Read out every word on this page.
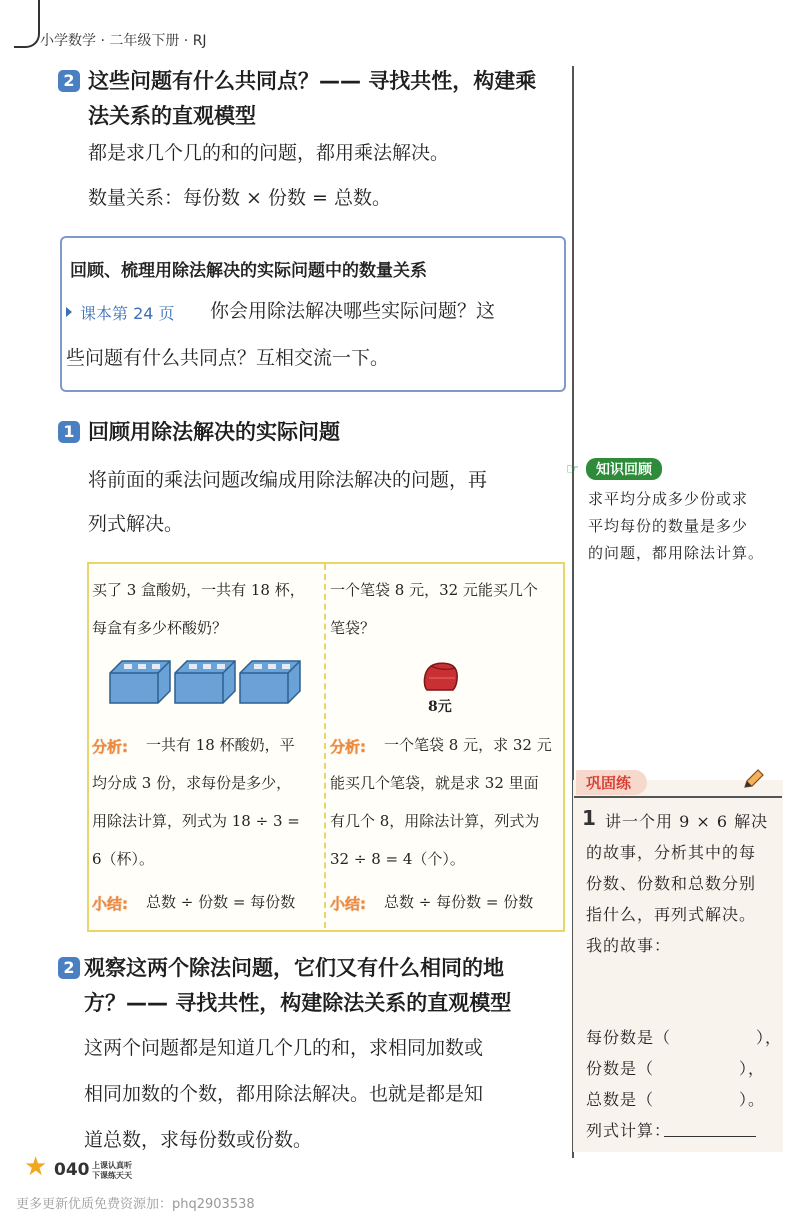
小学数学 · 二年级下册 · RJ
2 这些问题有什么共同点？—— 寻找共性，构建乘
法关系的直观模型
都是求几个几的和的问题，都用乘法解决。
数量关系：每份数 × 份数 = 总数。
回顾、梳理用除法解决的实际问题中的数量关系
课本第 24 页 你会用除法解决哪些实际问题？这
些问题有什么共同点？互相交流一下。
1 回顾用除法解决的实际问题
将前面的乘法问题改编成用除法解决的问题，再
列式解决。
买了 3 盒酸奶，一共有 18 杯，
每盒有多少杯酸奶？
分析: 一共有 18 杯酸奶，平
均分成 3 份，求每份是多少，
用除法计算，列式为 18 ÷ 3 =
6（杯）。
小结: 总数 ÷ 份数 = 每份数
一个笔袋 8 元，32 元能买几个
笔袋？
8元
分析: 一个笔袋 8 元，求 32 元
能买几个笔袋，就是求 32 里面
有几个 8，用除法计算，列式为
32 ÷ 8 = 4（个）。
小结: 总数 ÷ 每份数 = 份数
2 观察这两个除法问题，它们又有什么相同的地
方？—— 寻找共性，构建除法关系的直观模型
这两个问题都是知道几个几的和，求相同加数或
相同加数的个数，都用除法解决。也就是都是知
道总数，求每份数或份数。
☞	知识回顾
求平均分成多少份或求
平均每份的数量是多少
的问题，都用除法计算。
巩固练
1 讲一个用 9 × 6 解决
的故事，分析其中的每
份数、份数和总数分别
指什么，再列式解决。
我的故事：
每份数是（　　　　　），
份数是（　　　　　），
总数是（　　　　　）。
列式计算：
★ 040 上课认真听
下课练天天
更多更新优质免费资源加：phq2903538
